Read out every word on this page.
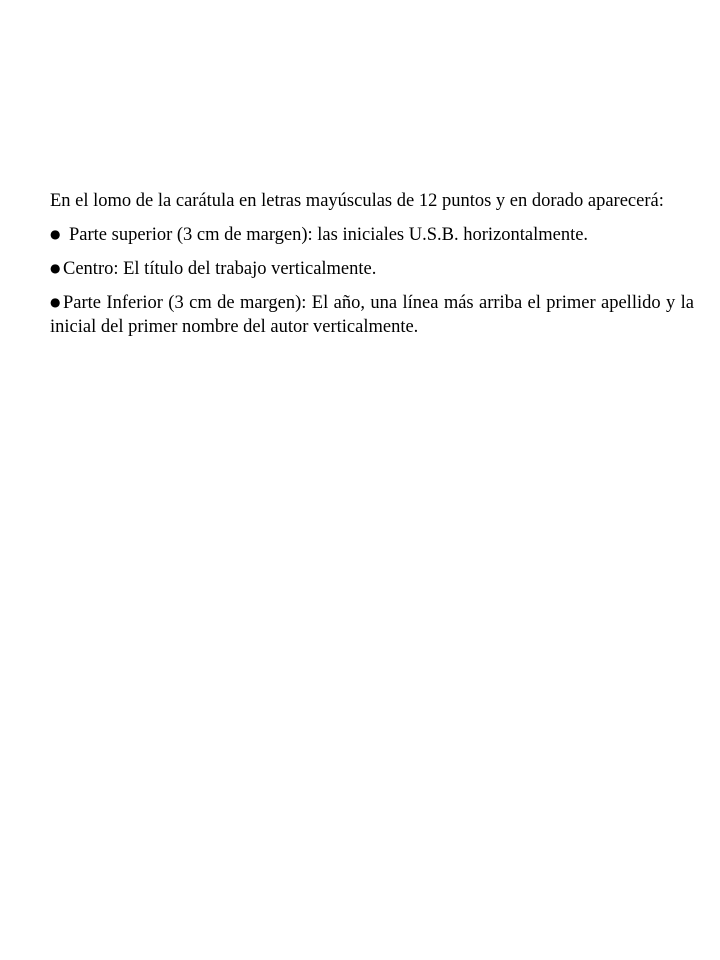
En el lomo de la carátula en letras mayúsculas de 12 puntos y en dorado aparecerá:

● Parte superior (3 cm de margen): las iniciales U.S.B. horizontalmente.
● Centro: El título del trabajo verticalmente.
● Parte Inferior (3 cm de margen): El año, una línea más arriba el primer apellido y la inicial del primer nombre del autor verticalmente.
